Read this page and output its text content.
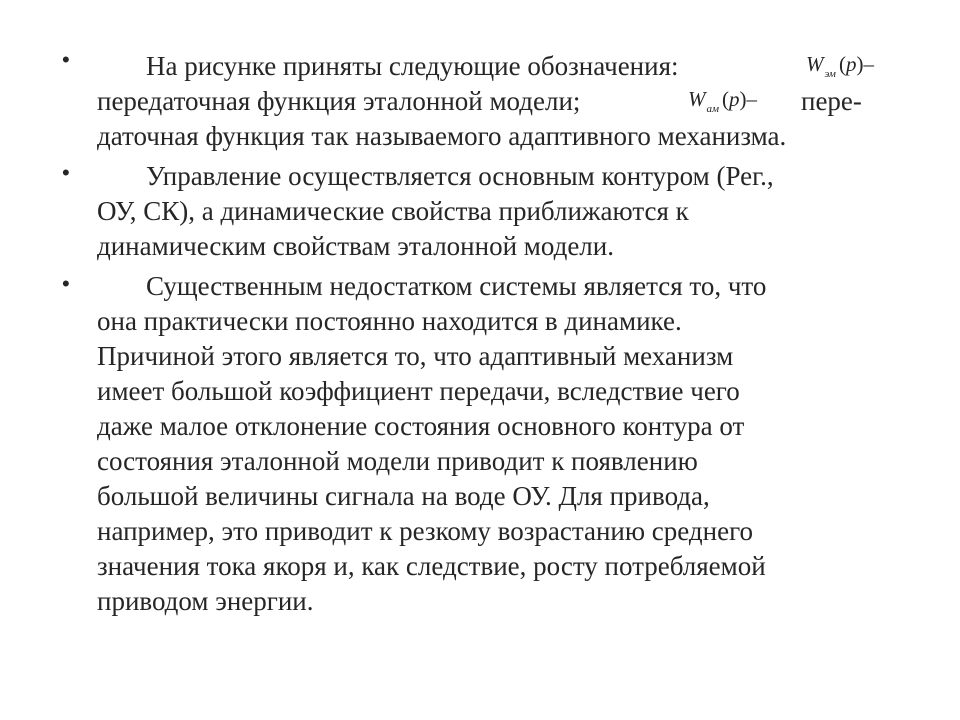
•	На рисунке приняты следующие обозначения:	$W_{эм}$ (p)–
передаточная функция эталонной модели;	$W_{ам}$ (p)– пере-
даточная функция так называемого адаптивного механизма.
•	Управление осуществляется основным контуром (Рег.,
ОУ, СК), а динамические свойства приближаются к
динамическим свойствам эталонной модели.
•	Существенным недостатком системы является то, что
она практически постоянно находится в динамике.
Причиной этого является то, что адаптивный механизм
имеет большой коэффициент передачи, вследствие чего
даже малое отклонение состояния основного контура от
состояния эталонной модели приводит к появлению
большой величины сигнала на воде ОУ. Для привода,
например, это приводит к резкому возрастанию среднего
значения тока якоря и, как следствие, росту потребляемой
приводом энергии.
